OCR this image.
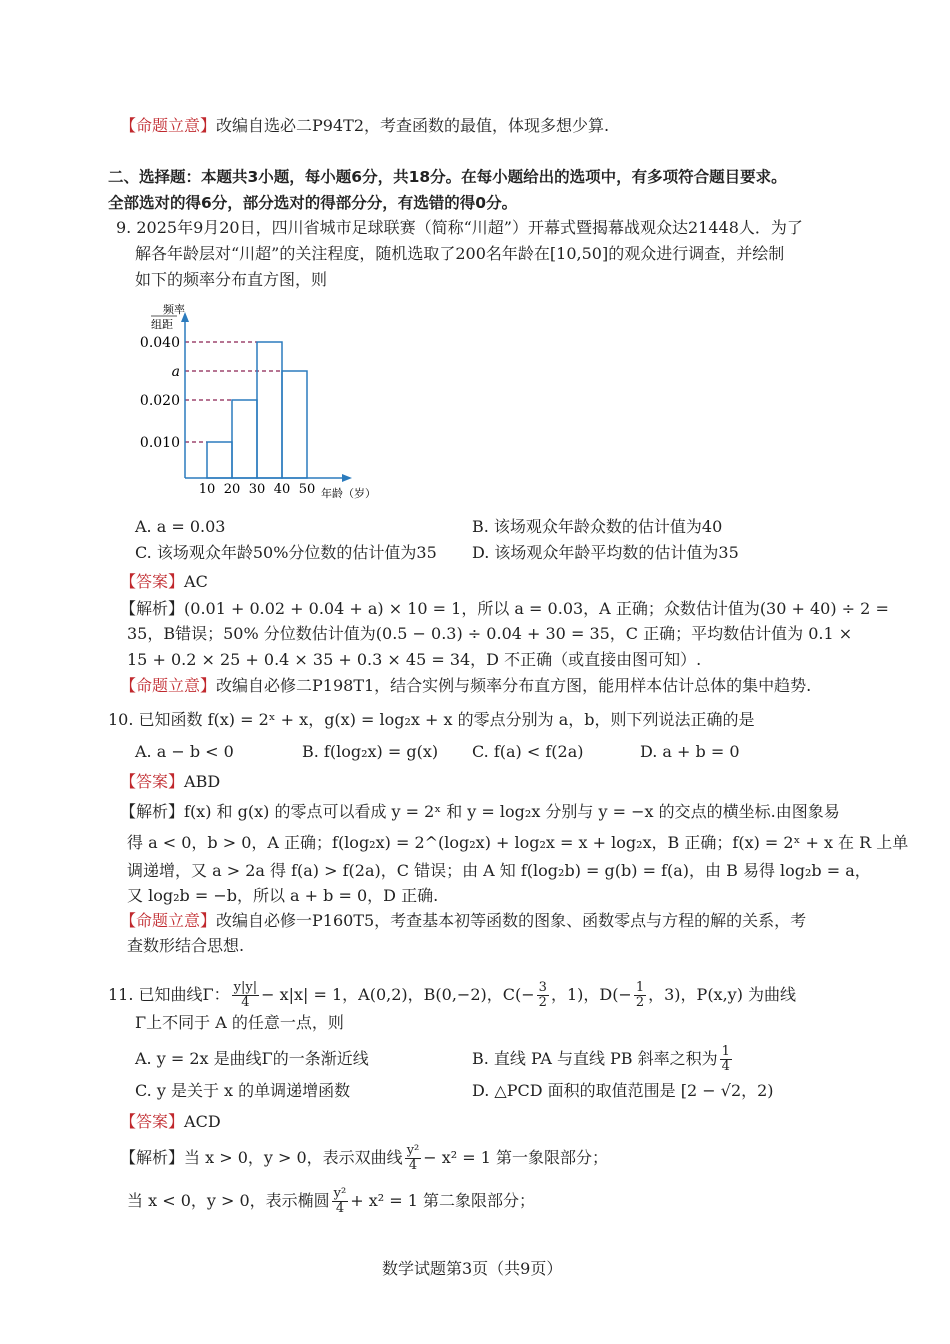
【命题立意】改编自选必二P94T2，考查函数的最值，体现多想少算.
二、选择题：本题共3小题，每小题6分，共18分。在每小题给出的选项中，有多项符合题目要求。
全部选对的得6分，部分选对的得部分分，有选错的得0分。
9. 2025年9月20日，四川省城市足球联赛（简称“川超”）开幕式暨揭幕战观众达21448人．为了
解各年龄层对“川超”的关注程度，随机选取了200名年龄在[10,50]的观众进行调查，并绘制
如下的频率分布直方图，则
频率
组距
0.010
0.020
a
0.040
10 20 30 40 50 年龄（岁）
A. a = 0.03	B. 该场观众年龄众数的估计值为40
C. 该场观众年龄50%分位数的估计值为35 D. 该场观众年龄平均数的估计值为35
【答案】AC
【解析】(0.01 + 0.02 + 0.04 + a) × 10 = 1，所以 a = 0.03，A 正确；众数估计值为(30 + 40) ÷ 2 =
35，B错误；50% 分位数估计值为(0.5 − 0.3) ÷ 0.04 + 30 = 35，C 正确；平均数估计值为 0.1 ×
15 + 0.2 × 25 + 0.4 × 35 + 0.3 × 45 = 34，D 不正确（或直接由图可知）.
【命题立意】改编自必修二P198T1，结合实例与频率分布直方图，能用样本估计总体的集中趋势.
10. 已知函数 f(x) = 2ˣ + x，g(x) = log₂x + x 的零点分别为 a，b，则下列说法正确的是
A. a − b < 0	B. f(log₂x) = g(x) C. f(a) < f(2a)	D. a + b = 0
【答案】ABD
【解析】f(x) 和 g(x) 的零点可以看成 y = 2ˣ 和 y = log₂x 分别与 y = −x 的交点的横坐标.由图象易
得 a < 0，b > 0，A 正确；f(log₂x) = 2^(log₂x) + log₂x = x + log₂x，B 正确；f(x) = 2ˣ + x 在 R 上单
调递增，又 a > 2a 得 f(a) > f(2a)，C 错误；由 A 知 f(log₂b) = g(b) = f(a)，由 B 易得 log₂b = a，
又 log₂b = −b，所以 a + b = 0，D 正确.
【命题立意】改编自必修一P160T5，考查基本初等函数的图象、函数零点与方程的解的关系，考
查数形结合思想.
11. 已知曲线Γ： $\frac{y|y|}{4} - x|x| = 1$，A(0,2)，B(0,−2)，$C(- \frac{3}{2}$ ，1)，$D(- \frac{1}{2}$ ，3)，P(x,y) 为曲线
Γ上不同于 A 的任意一点，则
A. y = 2x 是曲线Γ的一条渐近线	B. 直线 PA 与直线 PB 斜率之积为 $\frac{1}{4}$
C. y 是关于 x 的单调递增函数	D. △PCD 面积的取值范围是 [2 − √2，2)
【答案】ACD
【解析】当 x > 0，y > 0，表示双曲线 $\frac{\text{y²}}{4} - x^2 = 1$ 第一象限部分；
当 x < 0，y > 0，表示椭圆 $\frac{\text{y²}}{4} + x^2 = 1$ 第二象限部分；
数学试题第3页（共9页）
